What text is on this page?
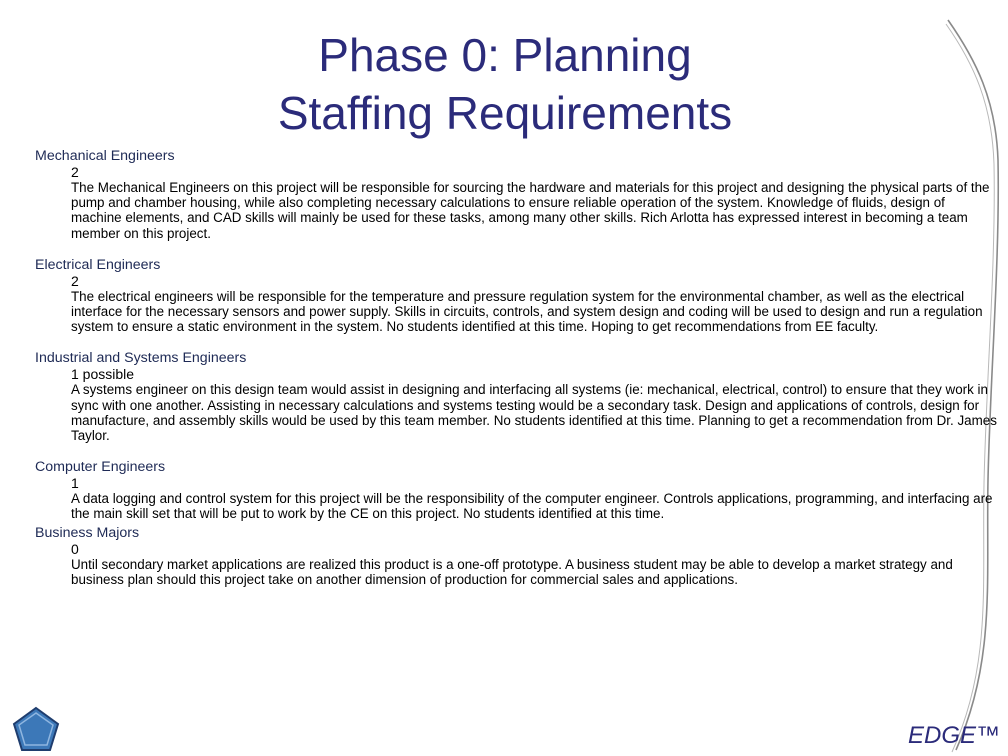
Phase 0: Planning
Staffing Requirements
Mechanical Engineers
2
The Mechanical Engineers on this project will be responsible for sourcing the hardware and materials for this project and designing the physical parts of the pump and chamber housing, while also completing necessary calculations to ensure reliable operation of the system. Knowledge of fluids, design of machine elements, and CAD skills will mainly be used for these tasks, among many other skills. Rich Arlotta has expressed interest in becoming a team member on this project.
Electrical Engineers
2
The electrical engineers will be responsible for the temperature and pressure regulation system for the environmental chamber, as well as the electrical interface for the necessary sensors and power supply. Skills in circuits, controls, and system design and coding will be used to design and run a regulation system to ensure a static environment in the system. No students identified at this time. Hoping to get recommendations from EE faculty.
Industrial and Systems Engineers
1 possible
A systems engineer on this design team would assist in designing and interfacing all systems (ie: mechanical, electrical, control) to ensure that they work in sync with one another. Assisting in necessary calculations and systems testing would be a secondary task. Design and applications of controls, design for manufacture, and assembly skills would be used by this team member. No students identified at this time. Planning to get a recommendation from Dr. James Taylor.
Computer Engineers
1
A data logging and control system for this project will be the responsibility of the computer engineer. Controls applications, programming, and interfacing are the main skill set that will be put to work by the CE on this project. No students identified at this time.
Business Majors
0
Until secondary market applications are realized this product is a one-off prototype. A business student may be able to develop a market strategy and business plan should this project take on another dimension of production for commercial sales and applications.
EDGE™
